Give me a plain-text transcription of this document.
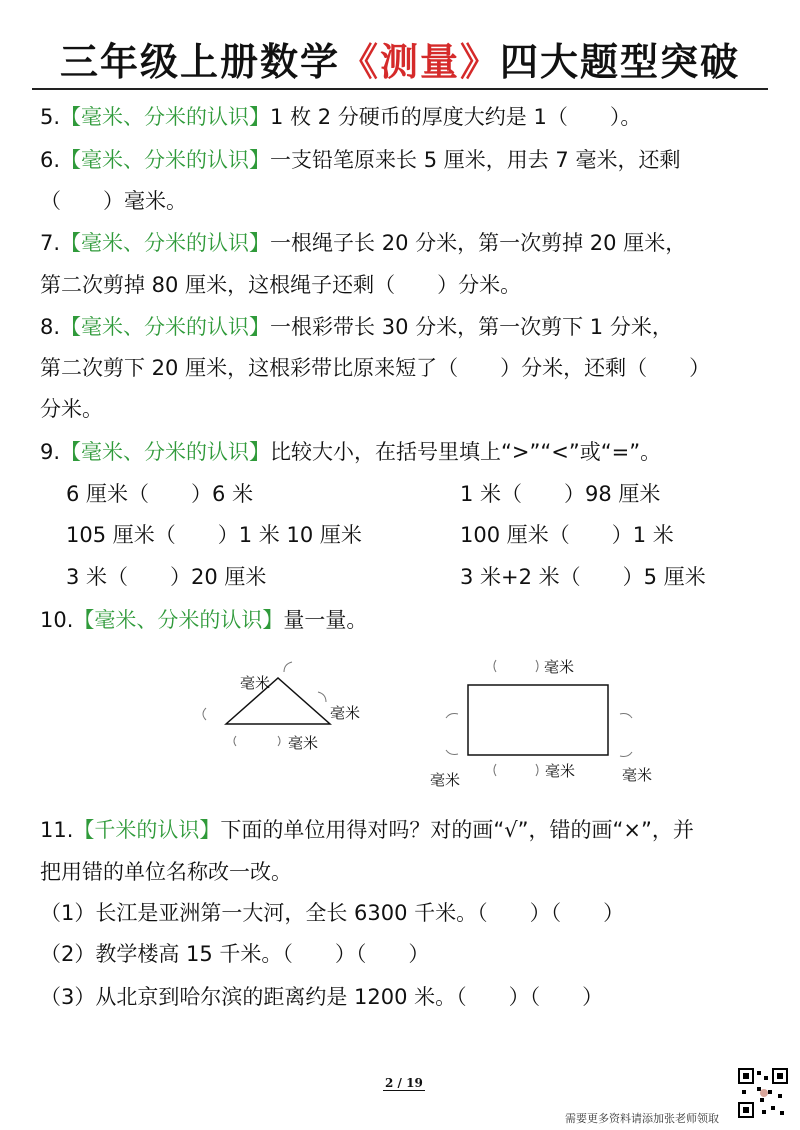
三年级上册数学《测量》四大题型突破
5.【毫米、分米的认识】1 枚 2 分硬币的厚度大约是 1（　　）。
6.【毫米、分米的认识】一支铅笔原来长 5 厘米，用去 7 毫米，还剩
（　　）毫米。
7.【毫米、分米的认识】一根绳子长 20 分米，第一次剪掉 20 厘米，
第二次剪掉 80 厘米，这根绳子还剩（　　）分米。
8.【毫米、分米的认识】一根彩带长 30 分米，第一次剪下 1 分米，
第二次剪下 20 厘米，这根彩带比原来短了（　　）分米，还剩（　　）
分米。
9.【毫米、分米的认识】比较大小，在括号里填上“>”“<”或“=”。
6 厘米（　　）6 米	1 米（　　）98 厘米
105 厘米（　　）1 米 10 厘米	100 厘米（　　）1 米
3 米（　　）20 厘米	3 米+2 米（　　）5 厘米
10.【毫米、分米的认识】量一量。
毫米
毫米
毫米
毫米
毫米
毫米	毫米
11.【千米的认识】下面的单位用得对吗？对的画“√”，错的画“×”，并
把用错的单位名称改一改。
（1）长江是亚洲第一大河，全长 6300 千米。（　　）（　　）
（2）教学楼高 15 千米。（　　）（　　）
（3）从北京到哈尔滨的距离约是 1200 米。（　　）（　　）
2 / 19
需要更多资料请添加张老师领取
